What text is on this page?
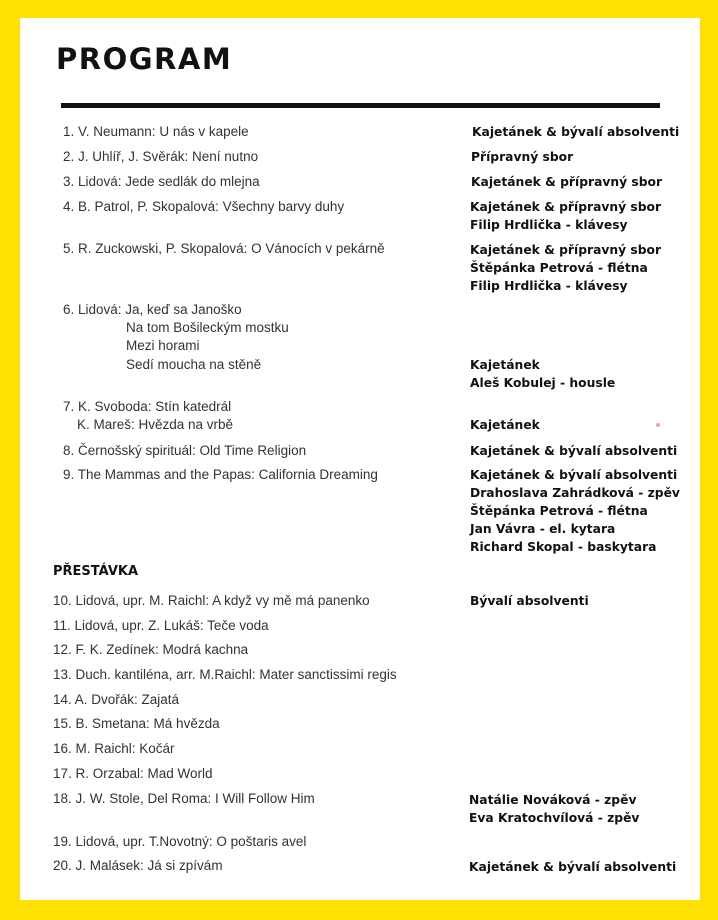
PROGRAM
1. V. Neumann: U nás v kapele	Kajetánek & bývalí absolventi
2. J. Uhlíř, J. Svěrák: Není nutno	Přípravný sbor
3. Lidová: Jede sedlák do mlejna	Kajetánek & přípravný sbor
4. B. Patrol, P. Skopalová: Všechny barvy duhy	Kajetánek & přípravný sbor
Filip Hrdlička - klávesy
5. R. Zuckowski, P. Skopalová: O Vánocích v pekárně	Kajetánek & přípravný sbor
Štěpánka Petrová - flétna
Filip Hrdlička - klávesy
6. Lidová: Ja, keď sa Janoško
Na tom Bošileckým mostku
Mezi horami
Sedí moucha na stěně	Kajetánek
Aleš Kobulej - housle
7. K. Svoboda: Stín katedrál
K. Mareš: Hvězda na vrbě	Kajetánek
8. Černošský spirituál: Old Time Religion	Kajetánek & bývalí absolventi
9. The Mammas and the Papas: California Dreaming	Kajetánek & bývalí absolventi
Drahoslava Zahrádková - zpěv
Štěpánka Petrová - flétna
Jan Vávra - el. kytara
Richard Skopal - baskytara
PŘESTÁVKA
10. Lidová, upr. M. Raichl: A když vy mě má panenko	Bývalí absolventi
11. Lidová, upr. Z. Lukáš: Teče voda
12. F. K. Zedínek: Modrá kachna
13. Duch. kantiléna, arr. M.Raichl: Mater sanctissimi regis
14. A. Dvořák: Zajatá
15. B. Smetana: Má hvězda
16. M. Raichl: Kočár
17. R. Orzabal: Mad World
18. J. W. Stole, Del Roma: I Will Follow Him	Natálie Nováková - zpěv
Eva Kratochvílová - zpěv
19. Lidová, upr. T.Novotný: O poštaris avel
20. J. Malásek: Já si zpívám	Kajetánek & bývalí absolventi
